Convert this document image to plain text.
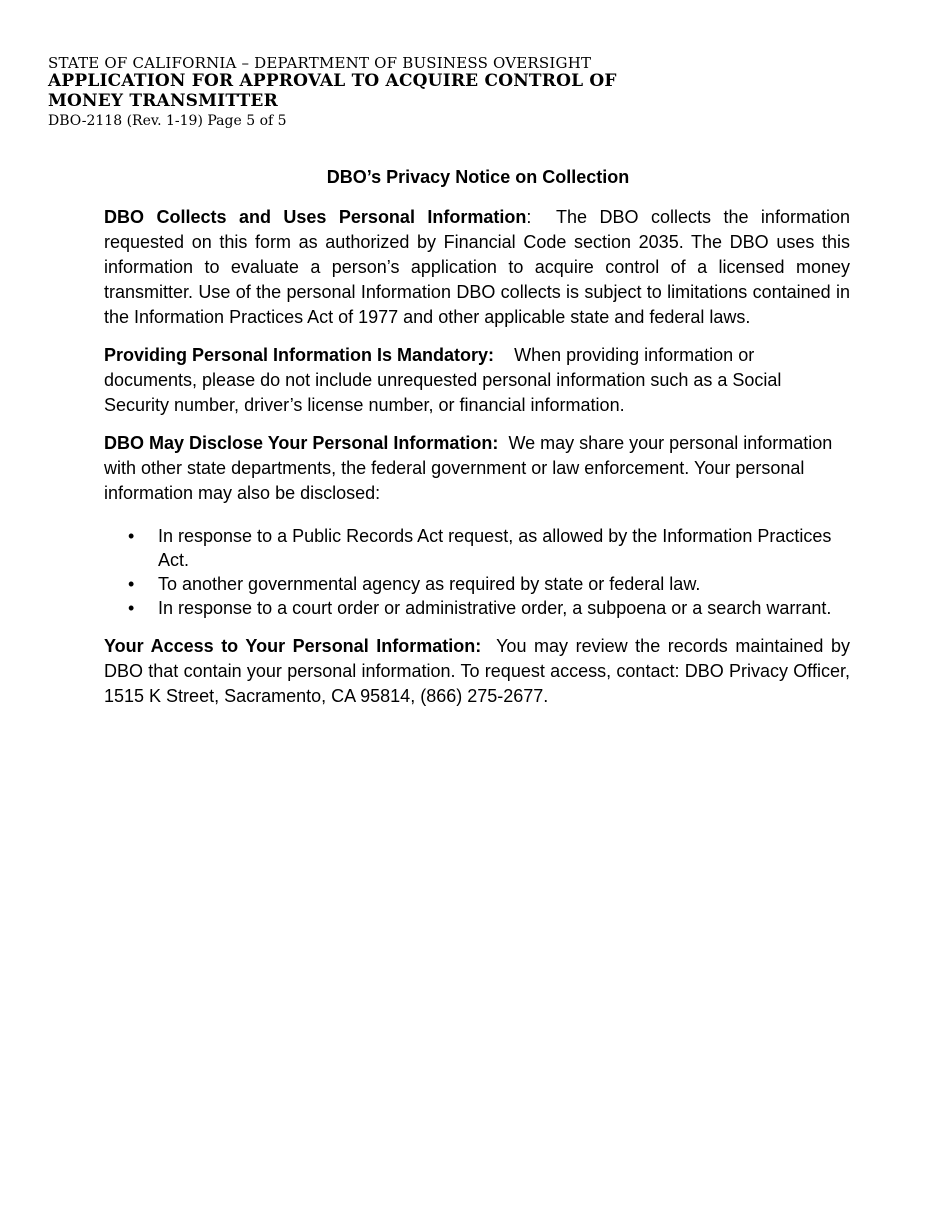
STATE OF CALIFORNIA – DEPARTMENT OF BUSINESS OVERSIGHT
APPLICATION FOR APPROVAL TO ACQUIRE CONTROL OF
MONEY TRANSMITTER
DBO-2118 (Rev. 1-19) Page 5 of 5
DBO’s Privacy Notice on Collection

DBO Collects and Uses Personal Information:  The DBO collects the information requested on this form as authorized by Financial Code section 2035. The DBO uses this information to evaluate a person’s application to acquire control of a licensed money transmitter. Use of the personal Information DBO collects is subject to limitations contained in the Information Practices Act of 1977 and other applicable state and federal laws.

Providing Personal Information Is Mandatory: When providing information or documents, please do not include unrequested personal information such as a Social Security number, driver’s license number, or financial information.

DBO May Disclose Your Personal Information: We may share your personal information with other state departments, the federal government or law enforcement. Your personal information may also be disclosed:

• In response to a Public Records Act request, as allowed by the Information Practices Act.
• To another governmental agency as required by state or federal law.
• In response to a court order or administrative order, a subpoena or a search warrant.

Your Access to Your Personal Information: You may review the records maintained by DBO that contain your personal information. To request access, contact: DBO Privacy Officer, 1515 K Street, Sacramento, CA 95814, (866) 275-2677.
